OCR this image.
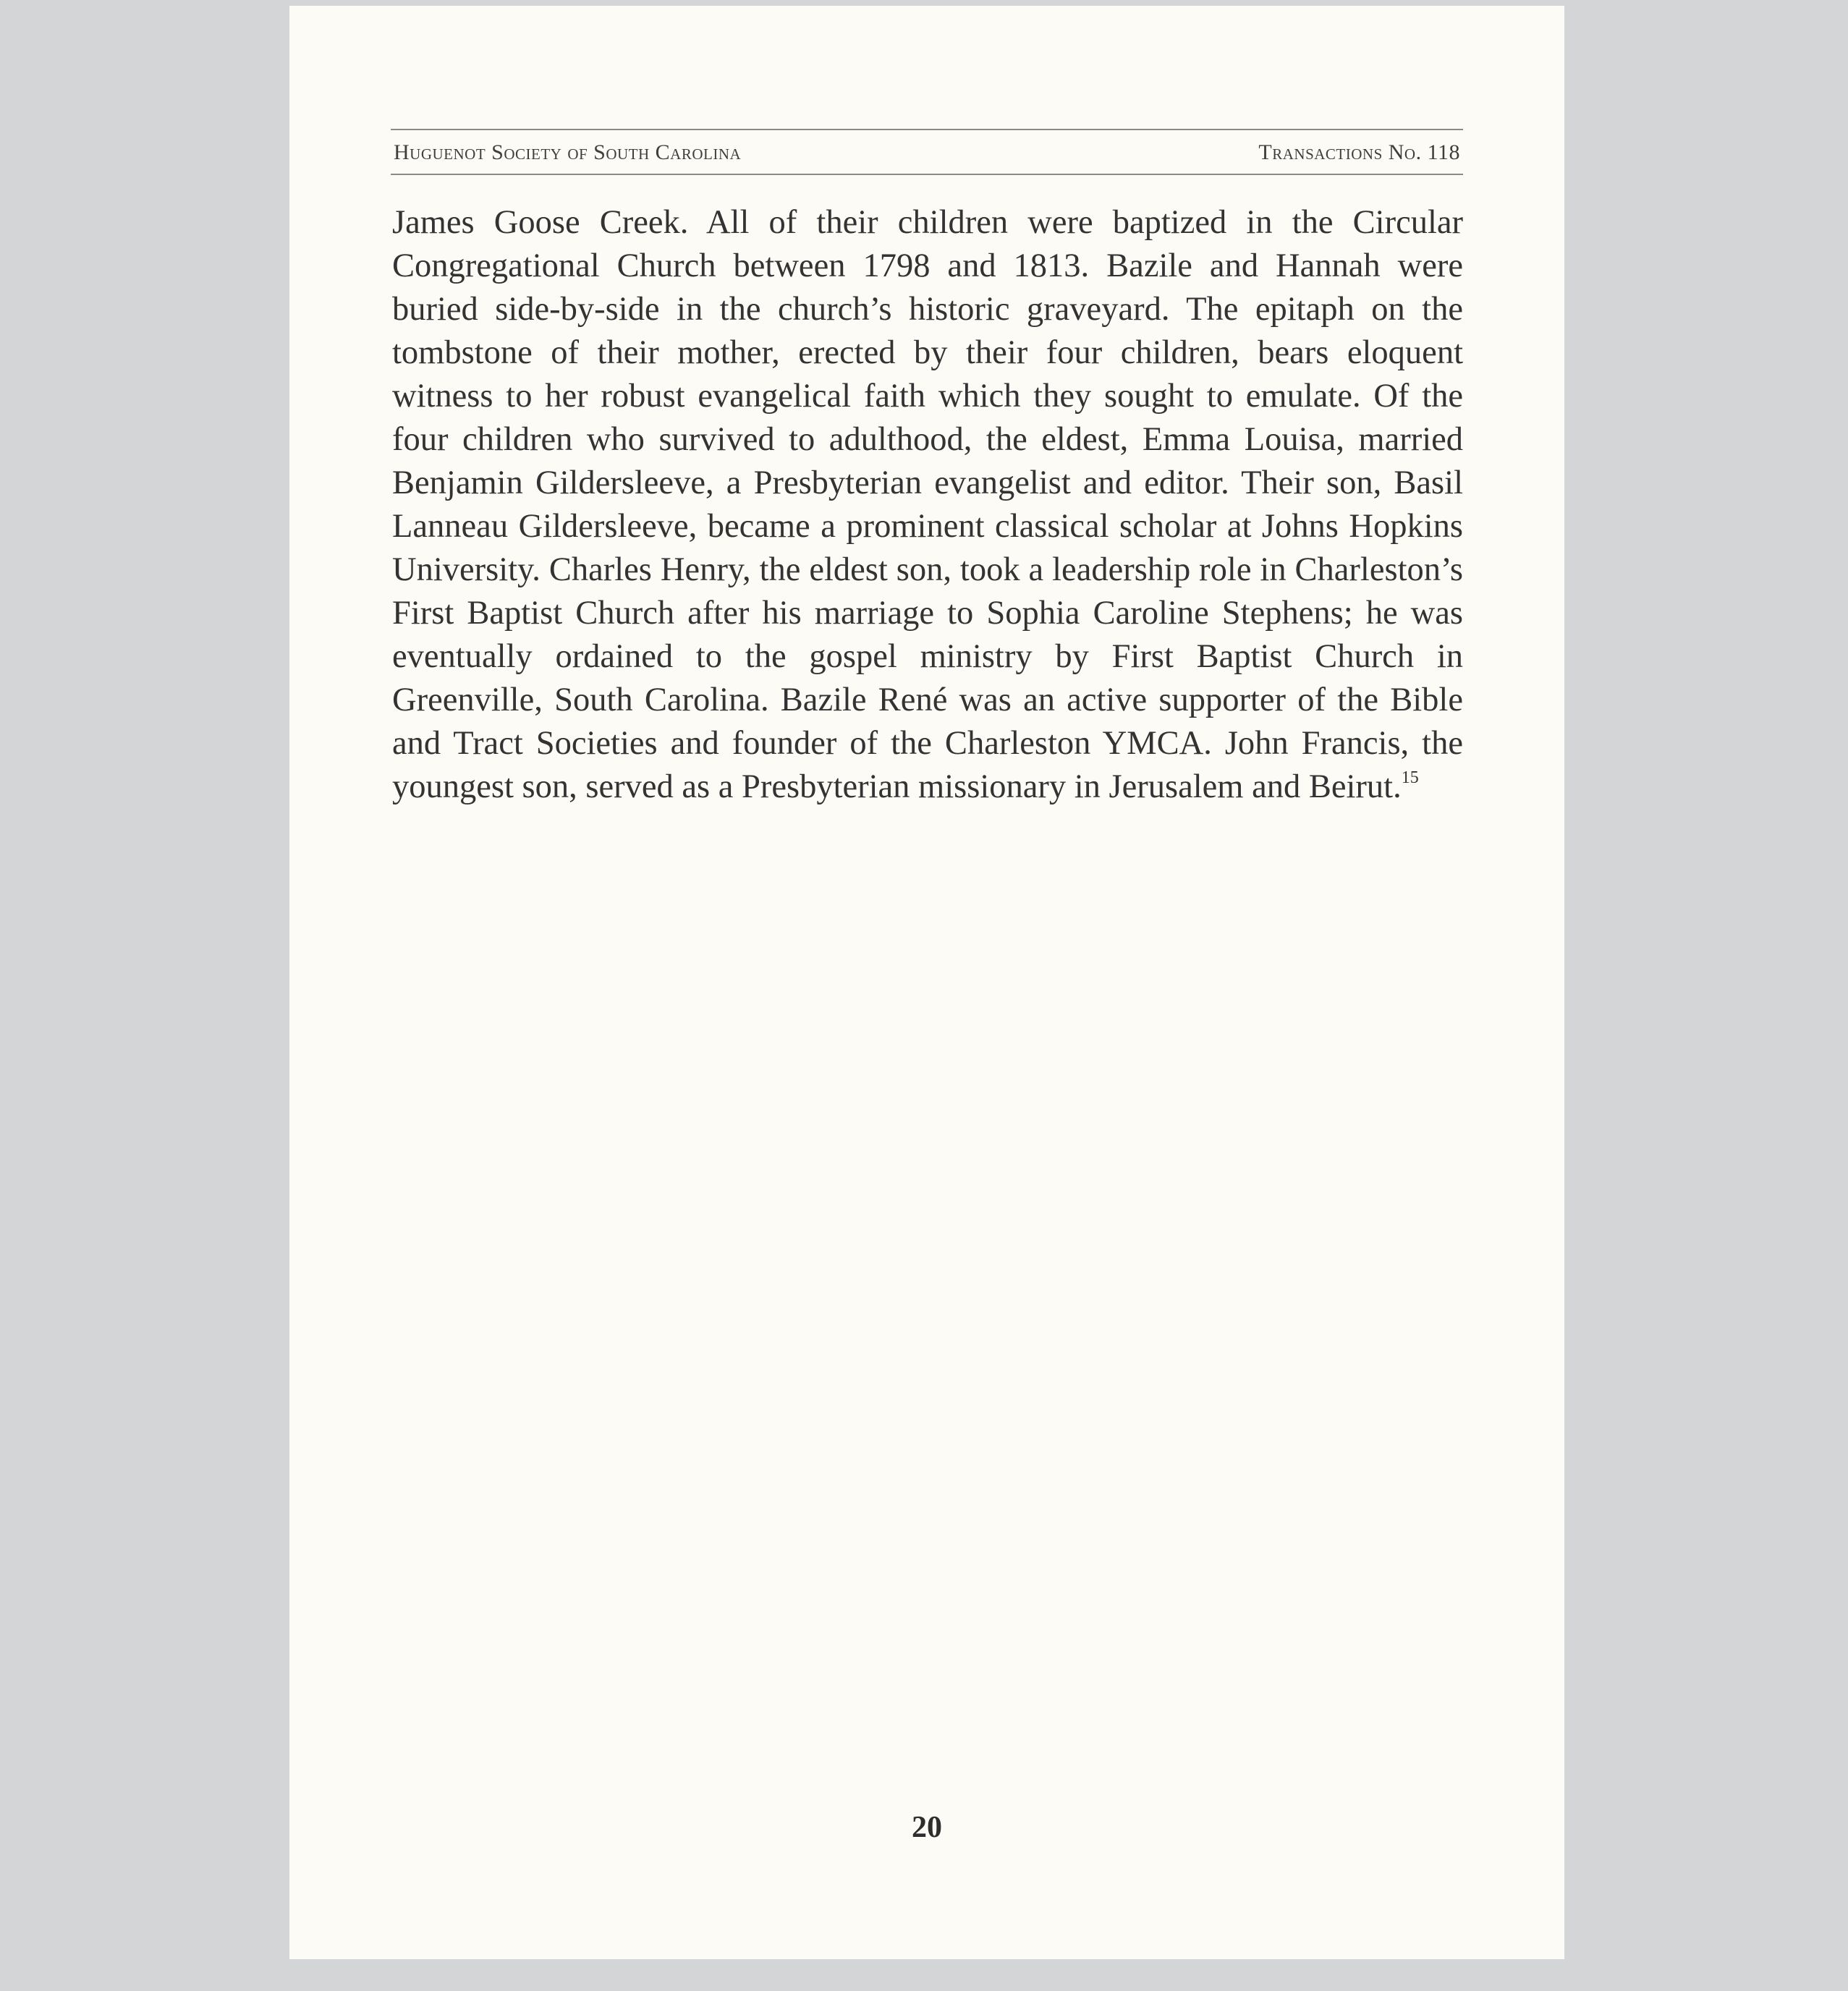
Huguenot Society of South Carolina	Transactions No. 118

James Goose Creek. All of their children were baptized in the Circular Congregational Church between 1798 and 1813. Bazile and Hannah were buried side-by-side in the church’s historic graveyard. The epitaph on the tombstone of their mother, erected by their four children, bears eloquent witness to her robust evangelical faith which they sought to emulate. Of the four children who survived to adulthood, the eldest, Emma Louisa, married Benjamin Gildersleeve, a Presbyterian evangelist and editor. Their son, Basil Lanneau Gildersleeve, became a prominent classical scholar at Johns Hopkins University. Charles Henry, the eldest son, took a leadership role in Charleston’s First Baptist Church after his marriage to Sophia Caroline Stephens; he was eventually ordained to the gospel ministry by First Baptist Church in Greenville, South Carolina. Bazile René was an active supporter of the Bible and Tract Societies and founder of the Charleston YMCA. John Francis, the youngest son, served as a Presbyterian missionary in Jerusalem and Beirut.$^{15}$

20
